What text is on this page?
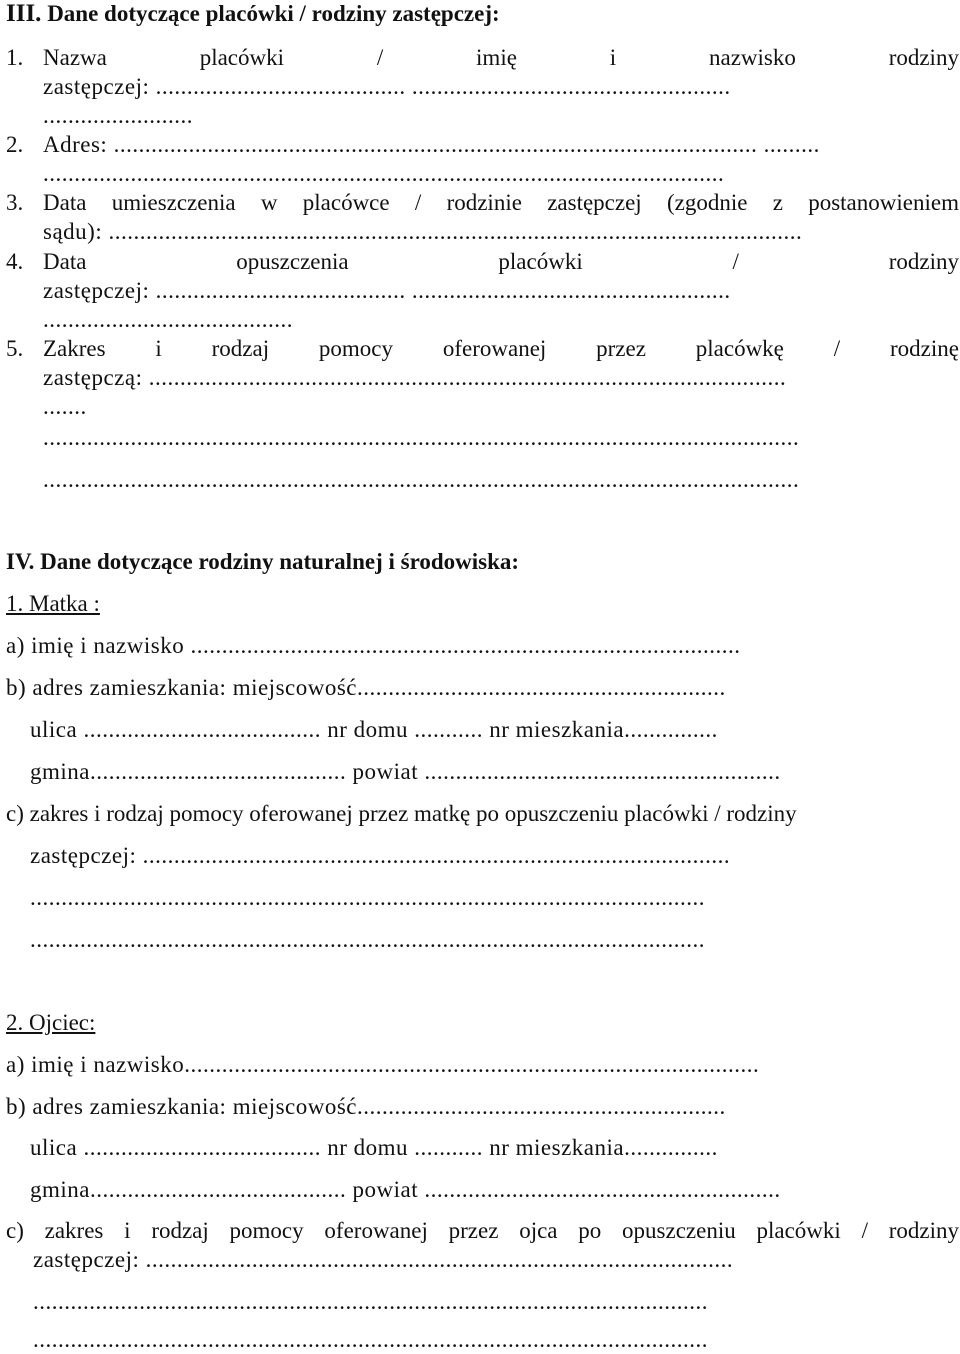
III. Dane dotyczące placówki / rodziny zastępczej:
1. Nazwa	placówki	/	imię	i	nazwisko	rodziny
zastępczej: ........................................ ...................................................
........................
2. Adres: ....................................................................................................... .........
.............................................................................................................
3. Data umieszczenia w placówce / rodzinie zastępczej (zgodnie z postanowieniem
sądu): ...............................................................................................................
4. Data	opuszczenia	placówki	/	rodziny
zastępczej: ........................................ ...................................................
........................................
5. Zakres i rodzaj pomocy oferowanej przez placówkę / rodzinę
zastępczą: ......................................................................................................
.......
.........................................................................................................................
.........................................................................................................................
IV. Dane dotyczące rodziny naturalnej i środowiska:
1. Matka :
a) imię i nazwisko ........................................................................................
b) adres zamieszkania: miejscowość...........................................................
ulica ...................................... nr domu ........... nr mieszkania...............
gmina......................................... powiat .........................................................
c) zakres i rodzaj pomocy oferowanej przez matkę po opuszczeniu placówki / rodziny
zastępczej: ..............................................................................................
............................................................................................................
............................................................................................................
2. Ojciec:
a) imię i nazwisko............................................................................................
b) adres zamieszkania: miejscowość...........................................................
ulica ...................................... nr domu ........... nr mieszkania...............
gmina......................................... powiat .........................................................
c) zakres i rodzaj pomocy oferowanej przez ojca po opuszczeniu placówki / rodziny
zastępczej: ..............................................................................................
............................................................................................................
............................................................................................................
